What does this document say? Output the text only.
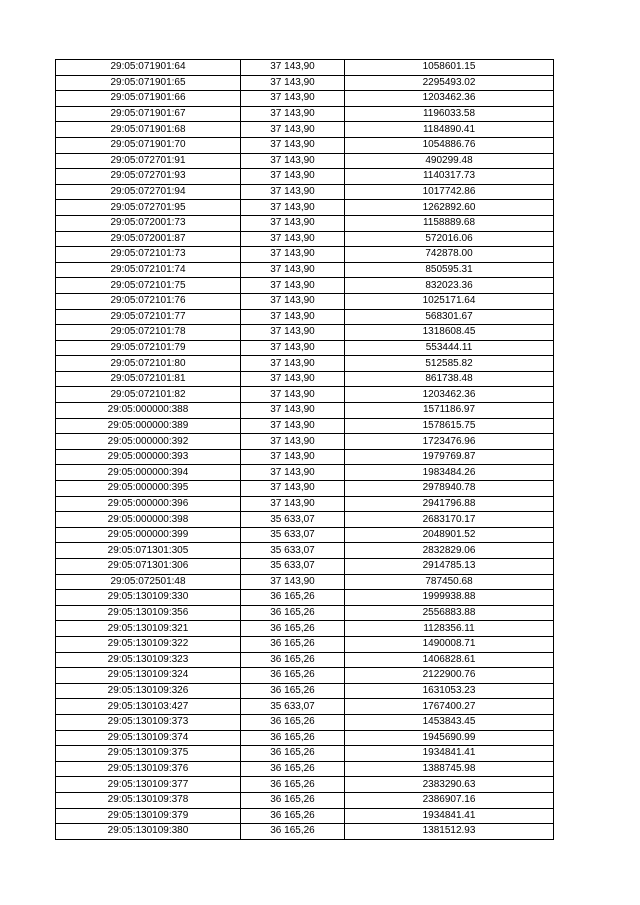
29:05:071901:64	37 143,90	1058601.15
29:05:071901:65	37 143,90	2295493.02
29:05:071901:66	37 143,90	1203462.36
29:05:071901:67	37 143,90	1196033.58
29:05:071901:68	37 143,90	1184890.41
29:05:071901:70	37 143,90	1054886.76
29:05:072701:91	37 143,90	490299.48
29:05:072701:93	37 143,90	1140317.73
29:05:072701:94	37 143,90	1017742.86
29:05:072701:95	37 143,90	1262892.60
29:05:072001:73	37 143,90	1158889.68
29:05:072001:87	37 143,90	572016.06
29:05:072101:73	37 143,90	742878.00
29:05:072101:74	37 143,90	850595.31
29:05:072101:75	37 143,90	832023.36
29:05:072101:76	37 143,90	1025171.64
29:05:072101:77	37 143,90	568301.67
29:05:072101:78	37 143,90	1318608.45
29:05:072101:79	37 143,90	553444.11
29:05:072101:80	37 143,90	512585.82
29:05:072101:81	37 143,90	861738.48
29:05:072101:82	37 143,90	1203462.36
29:05:000000:388	37 143,90	1571186.97
29:05:000000:389	37 143,90	1578615.75
29:05:000000:392	37 143,90	1723476.96
29:05:000000:393	37 143,90	1979769.87
29:05:000000:394	37 143,90	1983484.26
29:05:000000:395	37 143,90	2978940.78
29:05:000000:396	37 143,90	2941796.88
29:05:000000:398	35 633,07	2683170.17
29:05:000000:399	35 633,07	2048901.52
29:05:071301:305	35 633,07	2832829.06
29:05:071301:306	35 633,07	2914785.13
29:05:072501:48	37 143,90	787450.68
29:05:130109:330	36 165,26	1999938.88
29:05:130109:356	36 165,26	2556883.88
29:05:130109:321	36 165,26	1128356.11
29:05:130109:322	36 165,26	1490008.71
29:05:130109:323	36 165,26	1406828.61
29:05:130109:324	36 165,26	2122900.76
29:05:130109:326	36 165,26	1631053.23
29:05:130103:427	35 633,07	1767400.27
29:05:130109:373	36 165,26	1453843.45
29:05:130109:374	36 165,26	1945690.99
29:05:130109:375	36 165,26	1934841.41
29:05:130109:376	36 165,26	1388745.98
29:05:130109:377	36 165,26	2383290.63
29:05:130109:378	36 165,26	2386907.16
29:05:130109:379	36 165,26	1934841.41
29:05:130109:380	36 165,26	1381512.93
